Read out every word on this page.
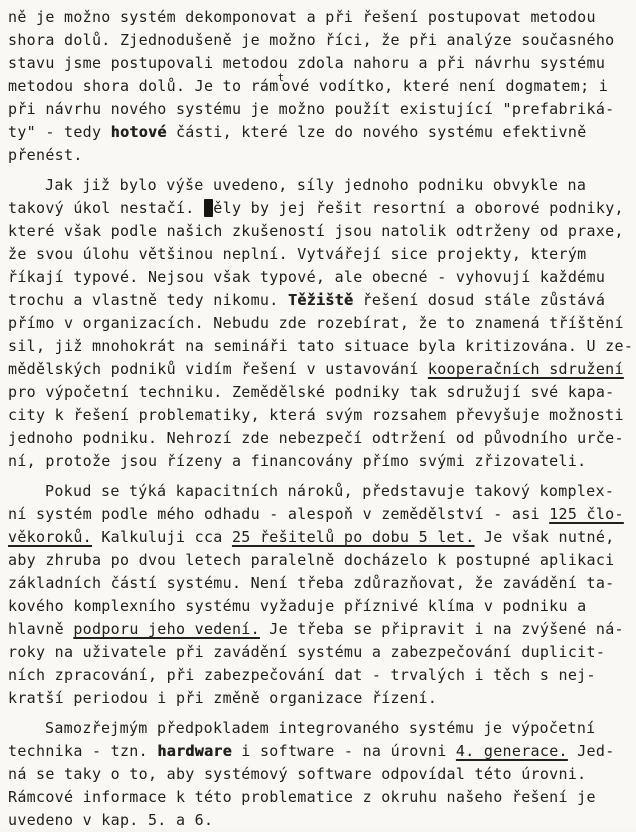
ně je možno systém dekomponovat a při řešení postupovat metodou
shora dolů. Zjednodušeně je možno říci, že při analýze současného
stavu jsme postupovali metodou zdola nahoru a při návrhu systému
metodou shora dolů. Je to rámtové vodítko, které není dogmatem; i
při návrhu nového systému je možno použít existující "prefabriká-
ty" - tedy hotové části, které lze do nového systému efektivně
přenést.
Jak již bylo výše uvedeno, síly jednoho podniku obvykle na
takový úkol nestačí. Měly by jej řešit resortní a oborové podniky,
které však podle našich zkušeností jsou natolik odtrženy od praxe,
že svou úlohu většinou neplní. Vytvářejí sice projekty, kterým
říkají typové. Nejsou však typové, ale obecné - vyhovují každému
trochu a vlastně tedy nikomu. Těžiště řešení dosud stále zůstává
přímo v organizacích. Nebudu zde rozebírat, že to znamená tříštění
sil, již mnohokrát na semináři tato situace byla kritizována. U ze-
mědělských podniků vidím řešení v ustavování kooperačních sdružení
pro výpočetní techniku. Zemědělské podniky tak sdružují své kapa-
city k řešení problematiky, která svým rozsahem převyšuje možnosti
jednoho podniku. Nehrozí zde nebezpečí odtržení od původního urče-
ní, protože jsou řízeny a financovány přímo svými zřizovateli.
Pokud se týká kapacitních nároků, představuje takový komplex-
ní systém podle mého odhadu - alespoň v zemědělství - asi 125 člo-
věkoroků. Kalkuluji cca 25 řešitelů po dobu 5 let. Je však nutné,
aby zhruba po dvou letech paralelně docházelo k postupné aplikaci
základních částí systému. Není třeba zdůrazňovat, že zavádění ta-
kového komplexního systému vyžaduje příznivé klíma v podniku a
hlavně podporu jeho vedení. Je třeba se připravit i na zvýšené ná-
roky na uživatele při zavádění systému a zabezpečování duplicit-
ních zpracování, při zabezpečování dat - trvalých i těch s nej-
kratší periodou i při změně organizace řízení.
Samozřejmým předpokladem integrovaného systému je výpočetní
technika - tzn. hardware i software - na úrovni 4. generace. Jed-
ná se taky o to, aby systémový software odpovídal této úrovni.
Rámcové informace k této problematice z okruhu našeho řešení je
uvedeno v kap. 5. a 6.
